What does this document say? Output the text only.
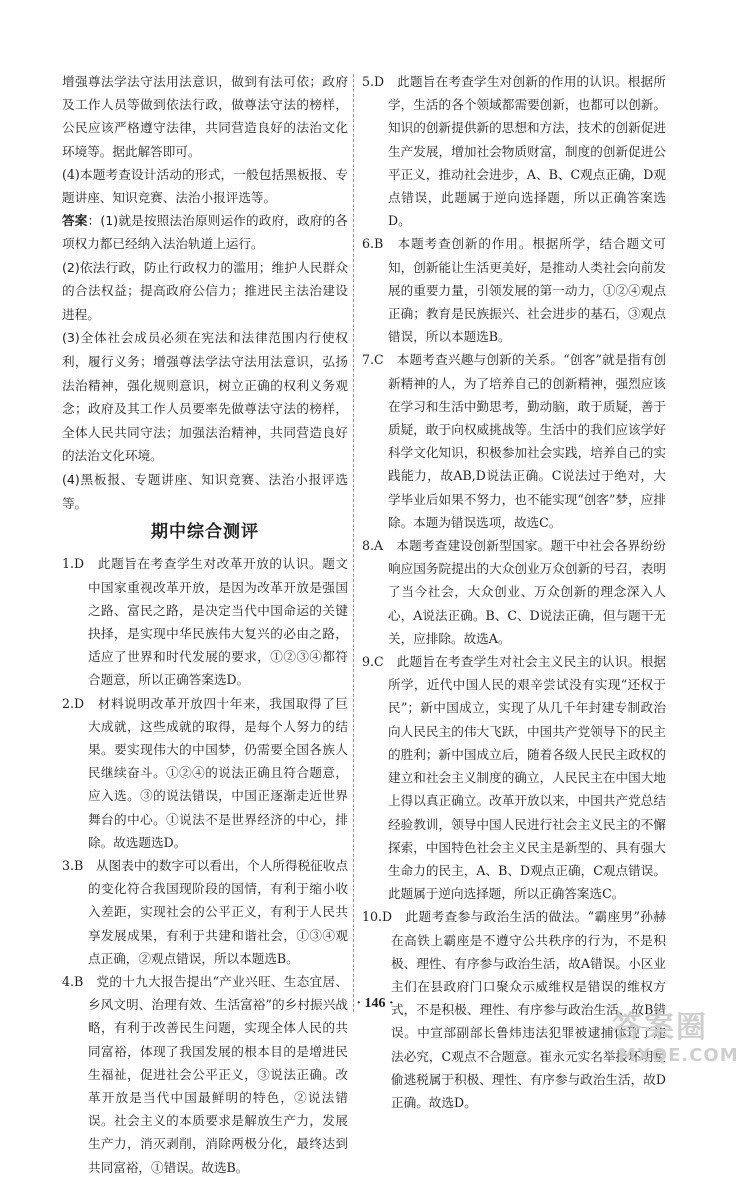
增强尊法学法守法用法意识，做到有法可依；政府及工作人员等做到依法行政，做尊法守法的榜样，公民应该严格遵守法律，共同营造良好的法治文化环境等。据此解答即可。

(4)本题考查设计活动的形式，一般包括黑板报、专题讲座、知识竞赛、法治小报评选等。

答案：(1)就是按照法治原则运作的政府，政府的各项权力都已经纳入法治轨道上运行。

(2)依法行政，防止行政权力的滥用；维护人民群众的合法权益；提高政府公信力；推进民主法治建设进程。

(3)全体社会成员必须在宪法和法律范围内行使权利，履行义务；增强尊法学法守法用法意识，弘扬法治精神，强化规则意识，树立正确的权利义务观念；政府及其工作人员要率先做尊法守法的榜样，全体人民共同守法；加强法治精神，共同营造良好的法治文化环境。

(4)黑板报、专题讲座、知识竞赛、法治小报评选等。

期中综合测评

1.D　此题旨在考查学生对改革开放的认识。题文中国家重视改革开放，是因为改革开放是强国之路、富民之路，是决定当代中国命运的关键抉择，是实现中华民族伟大复兴的必由之路，适应了世界和时代发展的要求，①②③④都符合题意，所以正确答案选D。

2.D　材料说明改革开放四十年来，我国取得了巨大成就，这些成就的取得，是每个人努力的结果。要实现伟大的中国梦，仍需要全国各族人民继续奋斗。①②④的说法正确且符合题意，应入选。③的说法错误，中国正逐渐走近世界舞台的中心。①说法不是世界经济的中心，排除。故选题选D。

3.B　从图表中的数字可以看出，个人所得税征收点的变化符合我国现阶段的国情，有利于缩小收入差距，实现社会的公平正义，有利于人民共享发展成果，有利于共建和谐社会，①③④观点正确，②观点错误，所以本题选B。

4.B　党的十九大报告提出“产业兴旺、生态宜居、乡风文明、治理有效、生活富裕”的乡村振兴战略，有利于改善民生问题，实现全体人民的共同富裕，体现了我国发展的根本目的是增进民生福祉，促进社会公平正义，③说法正确。改革开放是当代中国最鲜明的特色，②说法错误。社会主义的本质要求是解放生产力，发展生产力，消灭剥削，消除两极分化，最终达到共同富裕，①错误。故选B。

5.D　此题旨在考查学生对创新的作用的认识。根据所学，生活的各个领域都需要创新，也都可以创新。知识的创新提供新的思想和方法，技术的创新促进生产发展，增加社会物质财富，制度的创新促进公平正义，推动社会进步，A、B、C观点正确，D观点错误，此题属于逆向选择题，所以正确答案选D。

6.B　本题考查创新的作用。根据所学，结合题文可知，创新能让生活更美好，是推动人类社会向前发展的重要力量，引领发展的第一动力，①②④观点正确；教育是民族振兴、社会进步的基石，③观点错误，所以本题选B。

7.C　本题考查兴趣与创新的关系。“创客”就是指有创新精神的人，为了培养自己的创新精神，强烈应该在学习和生活中勤思考，勤动脑，敢于质疑，善于质疑，敢于向权威挑战等。生活中的我们应该学好科学文化知识，积极参加社会实践，培养自己的实践能力，故AB,D说法正确。C说法过于绝对，大学毕业后如果不努力，也不能实现“创客”梦，应排除。本题为错误选项，故选C。

8.A　本题考查建设创新型国家。题干中社会各界纷纷响应国务院提出的大众创业万众创新的号召，表明了当今社会，大众创业、万众创新的理念深入人心，A说法正确。B、C、D说法正确，但与题干无关，应排除。故选A。

9.C　此题旨在考查学生对社会主义民主的认识。根据所学，近代中国人民的艰辛尝试没有实现“还权于民”；新中国成立，实现了从几千年封建专制政治向人民民主的伟大飞跃，中国共产党领导下的民主的胜利；新中国成立后，随着各级人民民主政权的建立和社会主义制度的确立，人民民主在中国大地上得以真正确立。改革开放以来，中国共产党总结经验教训，领导中国人民进行社会主义民主的不懈探索，中国特色社会主义民主是新型的、具有强大生命力的民主，A、B、D观点正确，C观点错误。此题属于逆向选择题，所以正确答案选C。

10.D　此题考查参与政治生活的做法。“霸座男”孙赫在高铁上霸座是不遵守公共秩序的行为，不是积极、理性、有序参与政治生活，故A错误。小区业主们在县政府门口聚众示威维权是错误的维权方式，不是积极、理性、有序参与政治生活，故B错误。中宣部副部长鲁炜违法犯罪被逮捕体现了违法必究，C观点不合题意。崔永元实名举报坏明星偷逃税属于积极、理性、有序参与政治生活，故D正确。故选D。

· 146 ·
答案圈
MXQE.COM
